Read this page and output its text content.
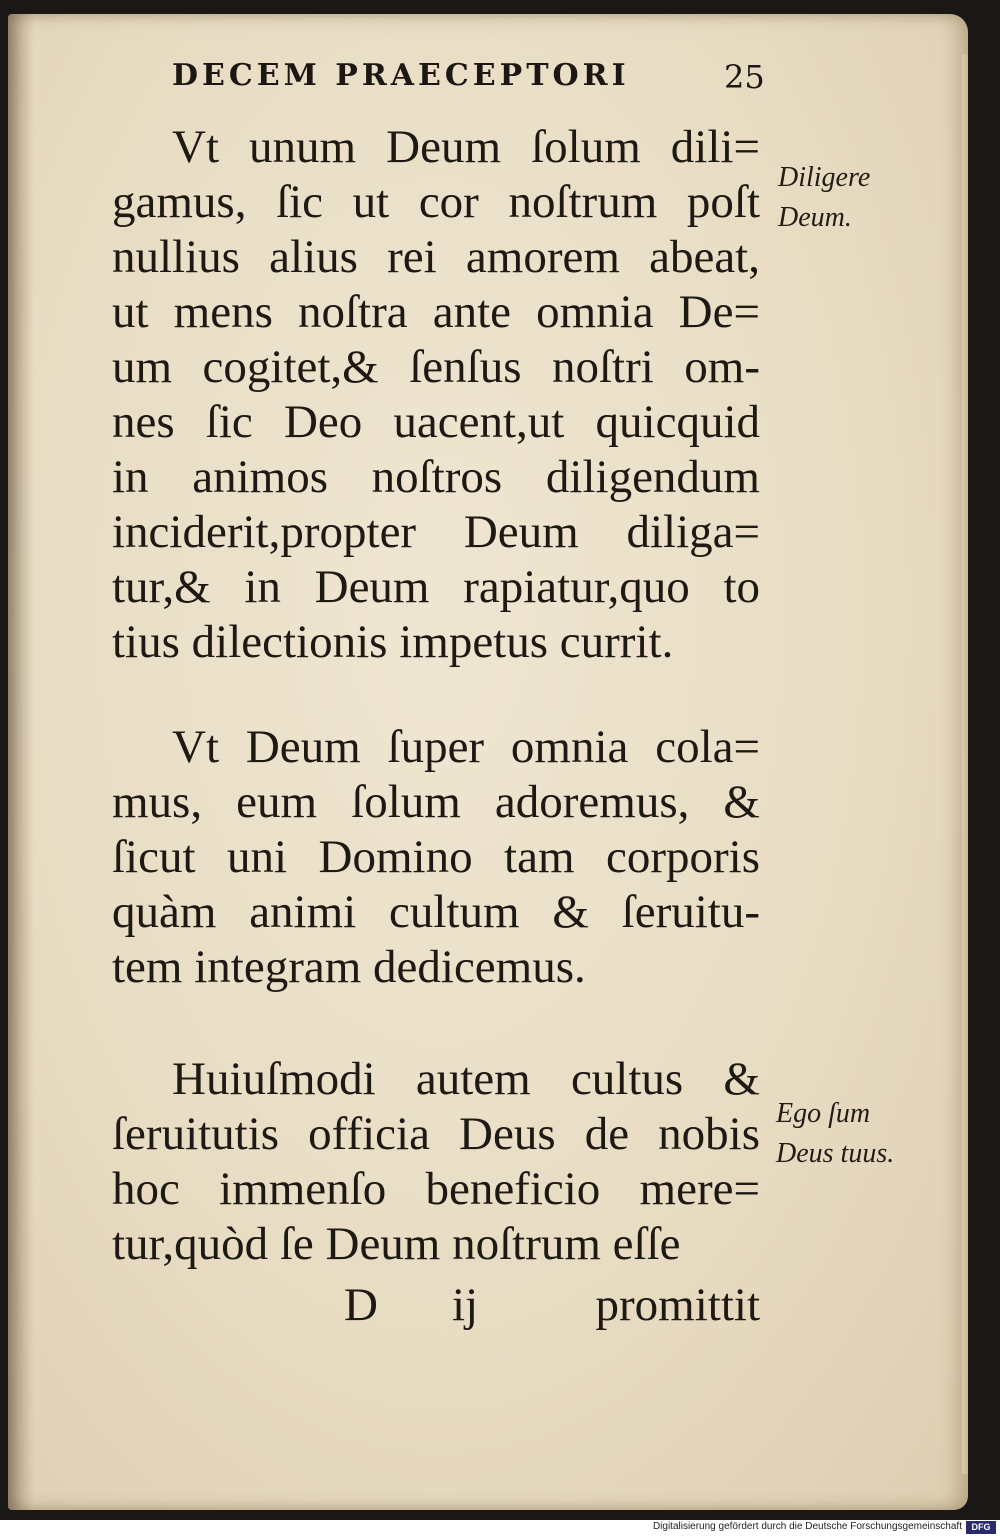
DECEM PRAECEPTORI	25
Vt unum Deum ſolum dili=
gamus, ſic ut cor noſtrum poſt
nullius alius rei amorem abeat,
ut mens noſtra ante omnia De=
um cogitet,& ſenſus noſtri om-
nes ſic Deo uacent,ut quicquid
in animos noſtros diligendum
inciderit,propter Deum diliga=
tur,& in Deum rapiatur,quo to
tius dilectionis impetus currit.
Vt Deum ſuper omnia cola=
mus, eum ſolum adoremus, &
ſicut uni Domino tam corporis
quàm animi cultum & ſeruitu-
tem integram dedicemus.
Huiuſmodi autem cultus &
ſeruitutis officia Deus de nobis
hoc immenſo beneficio mere=
tur,quòd ſe Deum noſtrum eſſe
D ij promittit
Diligere
Deum.
Ego ſum
Deus tuus.
Digitalisierung gefördert durch die Deutsche Forschungsgemeinschaft	DFG
